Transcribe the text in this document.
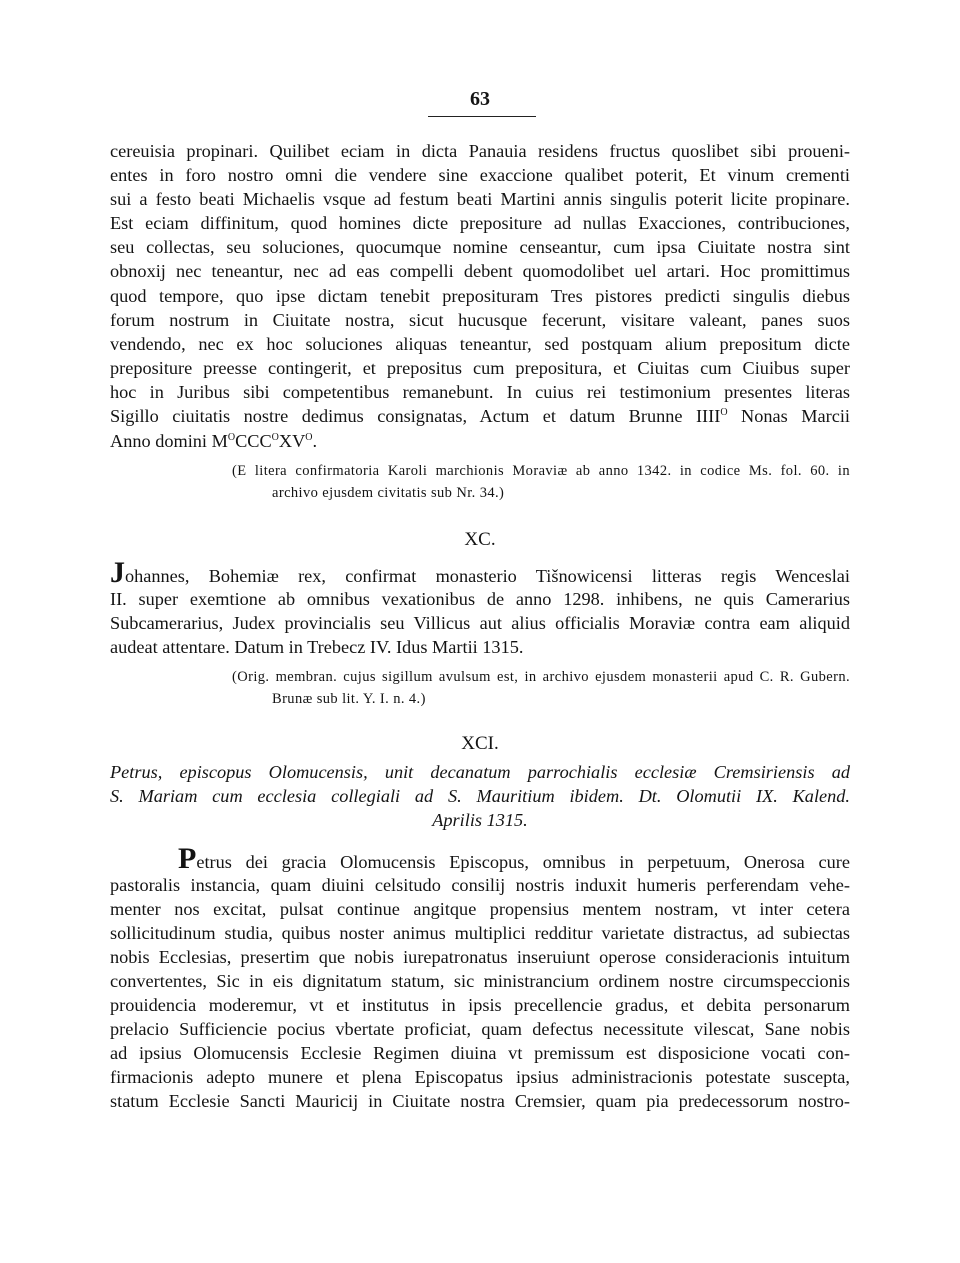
63
cereuisia propinari. Quilibet eciam in dicta Panauia residens fructus quoslibet sibi proueni-
entes in foro nostro omni die vendere sine exaccione qualibet poterit, Et vinum crementi
sui a festo beati Michaelis vsque ad festum beati Martini annis singulis poterit licite propinare.
Est eciam diffinitum, quod homines dicte prepositure ad nullas Exacciones, contribuciones,
seu collectas, seu soluciones, quocumque nomine censeantur, cum ipsa Ciuitate nostra sint
obnoxij nec teneantur, nec ad eas compelli debent quomodolibet uel artari. Hoc promittimus
quod tempore, quo ipse dictam tenebit preposituram Tres pistores predicti singulis diebus
forum nostrum in Ciuitate nostra, sicut hucusque fecerunt, visitare valeant, panes suos
vendendo, nec ex hoc soluciones aliquas teneantur, sed postquam alium prepositum dicte
prepositure preesse contingerit, et prepositus cum prepositura, et Ciuitas cum Ciuibus super
hoc in Juribus sibi competentibus remanebunt. In cuius rei testimonium presentes literas
Sigillo ciuitatis nostre dedimus consignatas, Actum et datum Brunne $IIII^O$ Nonas Marcii
Anno domini $M^OCCC^OXV^O$.
(E litera confirmatoria Karoli marchionis Moraviæ ab anno 1342. in codice Ms. fol. 60. in
archivo ejusdem civitatis sub Nr. 34.)
XC.
Johannes, Bohemiæ rex, confirmat monasterio Tišnowicensi litteras regis Wenceslai
II. super exemtione ab omnibus vexationibus de anno 1298. inhibens, ne quis Camerarius
Subcamerarius, Judex provincialis seu Villicus aut alius officialis Moraviæ contra eam aliquid
audeat attentare. Datum in Trebecz IV. Idus Martii 1315.
(Orig. membran. cujus sigillum avulsum est, in archivo ejusdem monasterii apud C. R. Gubern.
Brunæ sub lit. Y. I. n. 4.)
XCI.
Petrus, episcopus Olomucensis, unit decanatum parrochialis ecclesiæ Cremsiriensis ad
S. Mariam cum ecclesia collegiali ad S. Mauritium ibidem. Dt. Olomutii IX. Kalend.
Aprilis 1315.
Petrus dei gracia Olomucensis Episcopus, omnibus in perpetuum, Onerosa cure
pastoralis instancia, quam diuini celsitudo consilij nostris induxit humeris perferendam vehe-
menter nos excitat, pulsat continue angitque propensius mentem nostram, vt inter cetera
sollicitudinum studia, quibus noster animus multiplici redditur varietate distractus, ad subiectas
nobis Ecclesias, presertim que nobis iurepatronatus inseruiunt operose consideracionis intuitum
convertentes, Sic in eis dignitatum statum, sic ministrancium ordinem nostre circumspeccionis
prouidencia moderemur, vt et institutus in ipsis precellencie gradus, et debita personarum
prelacio Sufficiencie pocius vbertate proficiat, quam defectus necessitute vilescat, Sane nobis
ad ipsius Olomucensis Ecclesie Regimen diuina vt premissum est disposicione vocati con-
firmacionis adepto munere et plena Episcopatus ipsius administracionis potestate suscepta,
statum Ecclesie Sancti Mauricij in Ciuitate nostra Cremsier, quam pia predecessorum nostro-
